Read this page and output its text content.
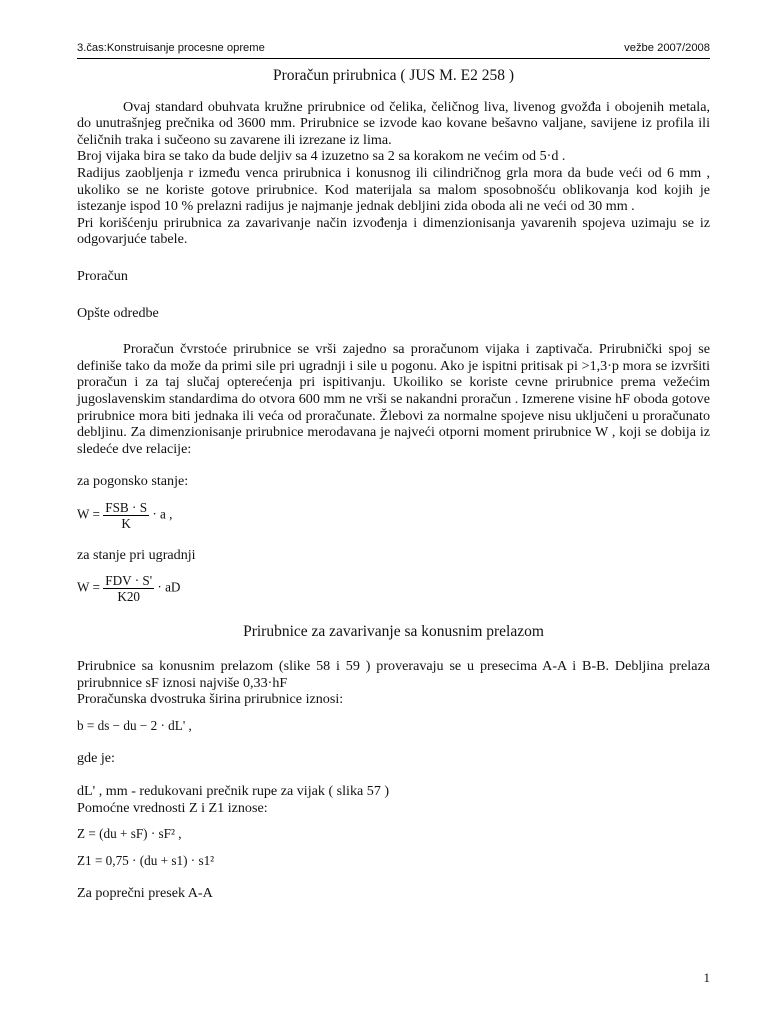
3.čas:Konstruisanje procesne opreme	vežbe 2007/2008
Proračun prirubnica ( JUS M. E2 258 )

Ovaj standard obuhvata kružne prirubnice od čelika, čeličnog liva, livenog gvožđa i obojenih metala, do unutrašnjeg prečnika od 3600 mm. Prirubnice se izvode kao kovane bešavno valjane, savijene iz profila ili čeličnih traka i sučeono su zavarene ili izrezane iz lima.

Broj vijaka bira se tako da bude deljiv sa 4 izuzetno sa 2 sa korakom ne većim od 5·d .

Radijus zaobljenja r između venca prirubnica i konusnog ili cilindričnog grla mora da bude veći od 6 mm , ukoliko se ne koriste gotove prirubnice. Kod materijala sa malom sposobnošću oblikovanja kod kojih je istezanje ispod 10 % prelazni radijus je najmanje jednak debljini zida oboda ali ne veći od 30 mm .

Pri korišćenju prirubnica za zavarivanje način izvođenja i dimenzionisanja yavarenih spojeva uzimaju se iz odgovarjuće tabele.

Proračun

Opšte odredbe

Proračun čvrstoće prirubnice se vrši zajedno sa proračunom vijaka i zaptivača. Prirubnički spoj se definiše tako da može da primi sile pri ugradnji i sile u pogonu. Ako je ispitni pritisak pi >1,3·p mora se izvršiti proračun i za taj slučaj opterećenja pri ispitivanju. Ukoiliko se koriste cevne prirubnice prema vežećim jugoslavenskim standardima do otvora 600 mm ne vrši se nakandni proračun . Izmerene visine hF oboda gotove prirubnice mora biti jednaka ili veća od proračunate. Žlebovi za normalne spojeve nisu uključeni u proračunato debljinu. Za dimenzionisanje prirubnice merodavana je najveći otporni moment prirubnice W , koji se dobija iz sledeće dve relacije:

za pogonsko stanje:

W = FSB · S
K
· a ,

za stanje pri ugradnji

W = FDV · S'
K20
· aD
Prirubnice za zavarivanje sa konusnim prelazom

Prirubnice sa konusnim prelazom (slike 58 i 59 ) proveravaju se u presecima A-A i B-B. Debljina prelaza prirubnnice sF iznosi najviše 0,33·hF

Proračunska dvostruka širina prirubnice iznosi:

b = ds − du − 2 · dL' ,

gde je:

dL' , mm - redukovani prečnik rupe za vijak ( slika 57 )

Pomoćne vrednosti Z i Z1 iznose:

Z = (du + sF) · sF² ,

Z1 = 0,75 · (du + s1) · s1²

Za poprečni presek A-A

1
